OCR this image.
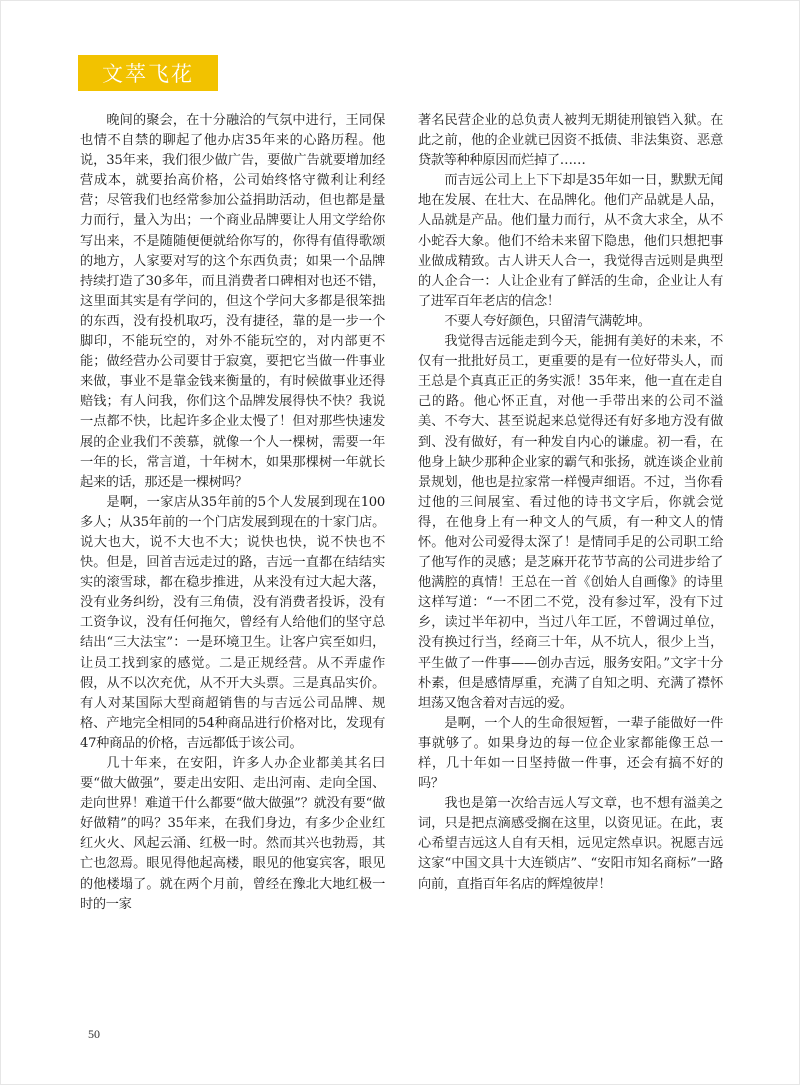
文萃飞花

晚间的聚会，在十分融洽的气氛中进行，王同保也情不自禁的聊起了他办店35年来的心路历程。他说，35年来，我们很少做广告，要做广告就要增加经营成本，就要抬高价格，公司始终恪守微利让利经营；尽管我们也经常参加公益捐助活动，但也都是量力而行，量入为出；一个商业品牌要让人用文学给你写出来，不是随随便便就给你写的，你得有值得歌颂的地方，人家要对写的这个东西负责；如果一个品牌持续打造了30多年，而且消费者口碑相对也还不错，这里面其实是有学问的，但这个学问大多都是很笨拙的东西，没有投机取巧，没有捷径，靠的是一步一个脚印，不能玩空的，对外不能玩空的，对内部更不能；做经营办公司要甘于寂寞，要把它当做一件事业来做，事业不是靠金钱来衡量的，有时候做事业还得赔钱；有人问我，你们这个品牌发展得快不快？我说一点都不快，比起许多企业太慢了！但对那些快速发展的企业我们不羡慕，就像一个人一棵树，需要一年一年的长，常言道，十年树木，如果那棵树一年就长起来的话，那还是一棵树吗？

是啊，一家店从35年前的5个人发展到现在100多人；从35年前的一个门店发展到现在的十家门店。说大也大，说不大也不大；说快也快，说不快也不快。但是，回首吉远走过的路，吉远一直都在结结实实的滚雪球，都在稳步推进，从来没有过大起大落，没有业务纠纷，没有三角债，没有消费者投诉，没有工资争议，没有任何拖欠，曾经有人给他们的坚守总结出“三大法宝”：一是环境卫生。让客户宾至如归，让员工找到家的感觉。二是正规经营。从不弄虚作假，从不以次充优，从不开大头票。三是真品实价。有人对某国际大型商超销售的与吉远公司品牌、规格、产地完全相同的54种商品进行价格对比，发现有47种商品的价格，吉远都低于该公司。

几十年来，在安阳，许多人办企业都美其名曰要“做大做强”，要走出安阳、走出河南、走向全国、走向世界！难道干什么都要“做大做强”？就没有要“做好做精”的吗？35年来，在我们身边，有多少企业红红火火、风起云涌、红极一时。然而其兴也勃焉，其亡也忽焉。眼见得他起高楼，眼见的他宴宾客，眼见的他楼塌了。就在两个月前，曾经在豫北大地红极一时的一家

著名民营企业的总负责人被判无期徒刑锒铛入狱。在此之前，他的企业就已因资不抵债、非法集资、恶意贷款等种种原因而烂掉了……

而吉远公司上上下下却是35年如一日，默默无闻地在发展、在壮大、在品牌化。他们产品就是人品，人品就是产品。他们量力而行，从不贪大求全，从不小蛇吞大象。他们不给未来留下隐患，他们只想把事业做成精致。古人讲天人合一，我觉得吉远则是典型的人企合一：人让企业有了鲜活的生命，企业让人有了进军百年老店的信念！

不要人夸好颜色，只留清气满乾坤。

我觉得吉远能走到今天，能拥有美好的未来，不仅有一批批好员工，更重要的是有一位好带头人，而王总是个真真正正的务实派！35年来，他一直在走自己的路。他心怀正直，对他一手带出来的公司不溢美、不夸大、甚至说起来总觉得还有好多地方没有做到、没有做好，有一种发自内心的谦虚。初一看，在他身上缺少那种企业家的霸气和张扬，就连谈企业前景规划，他也是拉家常一样慢声细语。不过，当你看过他的三间展室、看过他的诗书文字后，你就会觉得，在他身上有一种文人的气质，有一种文人的情怀。他对公司爱得太深了！是情同手足的公司职工给了他写作的灵感；是芝麻开花节节高的公司进步给了他满腔的真情！王总在一首《创始人自画像》的诗里这样写道：“一不团二不党，没有参过军，没有下过乡，读过半年初中，当过八年工匠，不曾调过单位，没有换过行当，经商三十年，从不坑人，很少上当，平生做了一件事——创办吉远，服务安阳。”文字十分朴素，但是感情厚重，充满了自知之明、充满了襟怀坦荡又饱含着对吉远的爱。

是啊，一个人的生命很短暂，一辈子能做好一件事就够了。如果身边的每一位企业家都能像王总一样，几十年如一日坚持做一件事，还会有搞不好的吗？

我也是第一次给吉远人写文章，也不想有溢美之词，只是把点滴感受搁在这里，以资见证。在此，衷心希望吉远这人自有天相，远见定然卓识。祝愿吉远这家“中国文具十大连锁店”、“安阳市知名商标”一路向前，直指百年名店的辉煌彼岸！

50
